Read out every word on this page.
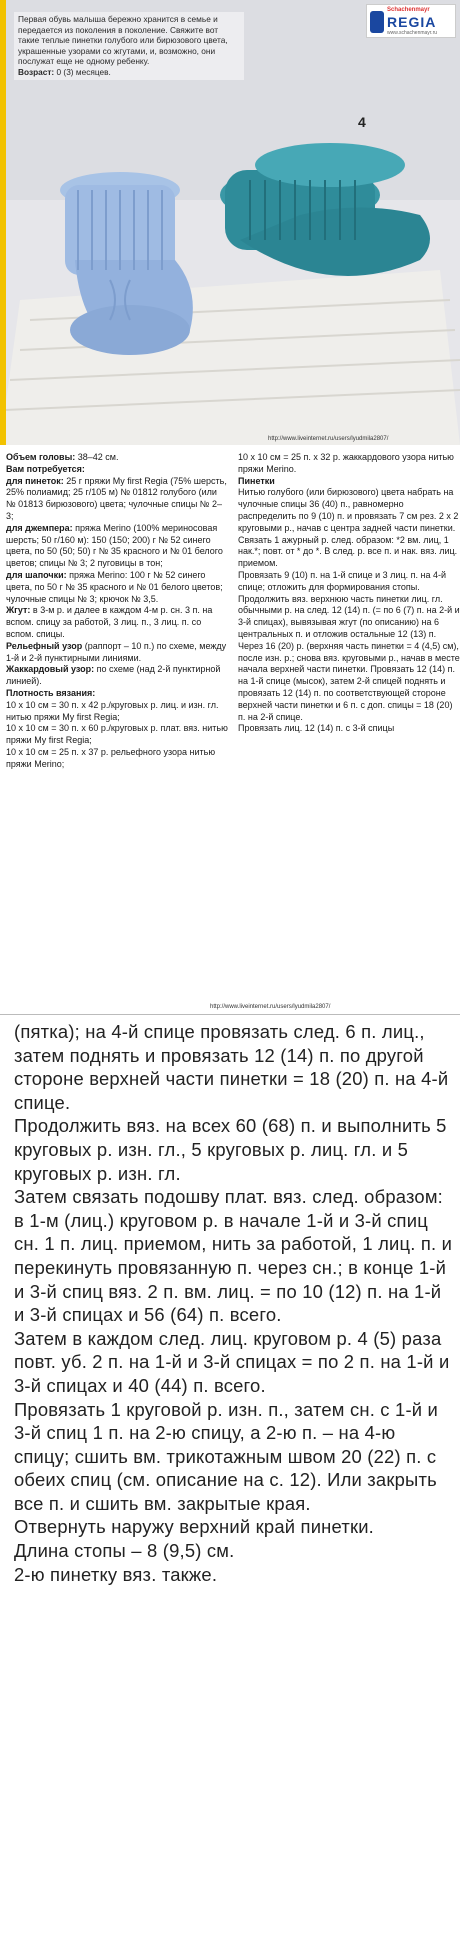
Первая обувь малыша бережно хранится в семье и передается из поколения в поколение. Свяжите вот такие теплые пинетки голубого или бирюзового цвета, украшенные узорами со жгутами, и, возможно, они послужат еще не одному ребенку.
Возраст: 0 (3) месяцев.
Schachenmayr
REGIA
www.schachenmayr.ru
4
http://www.liveinternet.ru/users/lyudmila2807/

Объем головы: 38–42 см.

Вам потребуется:

для пинеток: 25 г пряжи My first Regia (75% шерсть, 25% полиамид; 25 г/105 м) № 01812 голубого (или № 01813 бирюзового) цвета; чулочные спицы № 2–3;

для джемпера: пряжа Merino (100% мериносовая шерсть; 50 г/160 м): 150 (150; 200) г № 52 синего цвета, по 50 (50; 50) г № 35 красного и № 01 белого цветов; спицы № 3; 2 пуговицы в тон;

для шапочки: пряжа Merino: 100 г № 52 синего цвета, по 50 г № 35 красного и № 01 белого цветов; чулочные спицы № 3; крючок № 3,5.

Жгут: в 3-м р. и далее в каждом 4-м р. сн. 3 п. на вспом. спицу за работой, 3 лиц. п., 3 лиц. п. со вспом. спицы.

Рельефный узор (раппорт – 10 п.) по схеме, между 1-й и 2-й пунктирными линиями.

Жаккардовый узор: по схеме (над 2-й пунктирной линией).

Плотность вязания:

10 х 10 см = 30 п. х 42 р./круговых р. лиц. и изн. гл. нитью пряжи My first Regia;

10 х 10 см = 30 п. х 60 р./круговых р. плат. вяз. нитью пряжи My first Regia;

10 х 10 см = 25 п. х 37 р. рельефного узора нитью пряжи Merino;

10 х 10 см = 25 п. х 32 р. жаккардового узора нитью пряжи Merino.

Пинетки

Нитью голубого (или бирюзового) цвета набрать на чулочные спицы 36 (40) п., равномерно распределить по 9 (10) п. и провязать 7 см рез. 2 х 2 круговыми р., начав с центра задней части пинетки.

Связать 1 ажурный р. след. образом: *2 вм. лиц, 1 нак.*; повт. от * до *. В след. р. все п. и нак. вяз. лиц. приемом.

Провязать 9 (10) п. на 1-й спице и 3 лиц. п. на 4-й спице; отложить для формирования стопы.

Продолжить вяз. верхнюю часть пинетки лиц. гл. обычными р. на след. 12 (14) п. (= по 6 (7) п. на 2-й и 3-й спицах), вывязывая жгут (по описанию) на 6 центральных п. и отложив остальные 12 (13) п.

Через 16 (20) р. (верхняя часть пинетки = 4 (4,5) см), после изн. р.; снова вяз. круговыми р., начав в месте начала верхней части пинетки. Провязать 12 (14) п. на 1-й спице (мысок), затем 2-й спицей поднять и провязать 12 (14) п. по соответствующей стороне верхней части пинетки и 6 п. с доп. спицы = 18 (20) п. на 2-й спице.

Провязать лиц. 12 (14) п. с 3-й спицы

http://www.liveinternet.ru/users/lyudmila2807/

(пятка); на 4-й спице провязать след. 6 п. лиц., затем поднять и провязать 12 (14) п. по другой стороне верхней части пинетки = 18 (20) п. на 4-й спице.

Продолжить вяз. на всех 60 (68) п. и выполнить 5 круговых р. изн. гл., 5 круговых р. лиц. гл. и 5 круговых р. изн. гл.

Затем связать подошву плат. вяз. след. образом: в 1-м (лиц.) круговом р. в начале 1-й и 3-й спиц сн. 1 п. лиц. приемом, нить за работой, 1 лиц. п. и перекинуть провязанную п. через сн.; в конце 1-й и 3-й спиц вяз. 2 п. вм. лиц. = по 10 (12) п. на 1-й и 3-й спицах и 56 (64) п. всего.

Затем в каждом след. лиц. круговом р. 4 (5) раза повт. уб. 2 п. на 1-й и 3-й спицах = по 2 п. на 1-й и 3-й спицах и 40 (44) п. всего.

Провязать 1 круговой р. изн. п., затем сн. с 1-й и 3-й спиц 1 п. на 2-ю спицу, а 2-ю п. – на 4-ю спицу; сшить вм. трикотажным швом 20 (22) п. с обеих спиц (см. описание на с. 12). Или закрыть все п. и сшить вм. закрытые края.

Отвернуть наружу верхний край пинетки.

Длина стопы – 8 (9,5) см.

2-ю пинетку вяз. также.
